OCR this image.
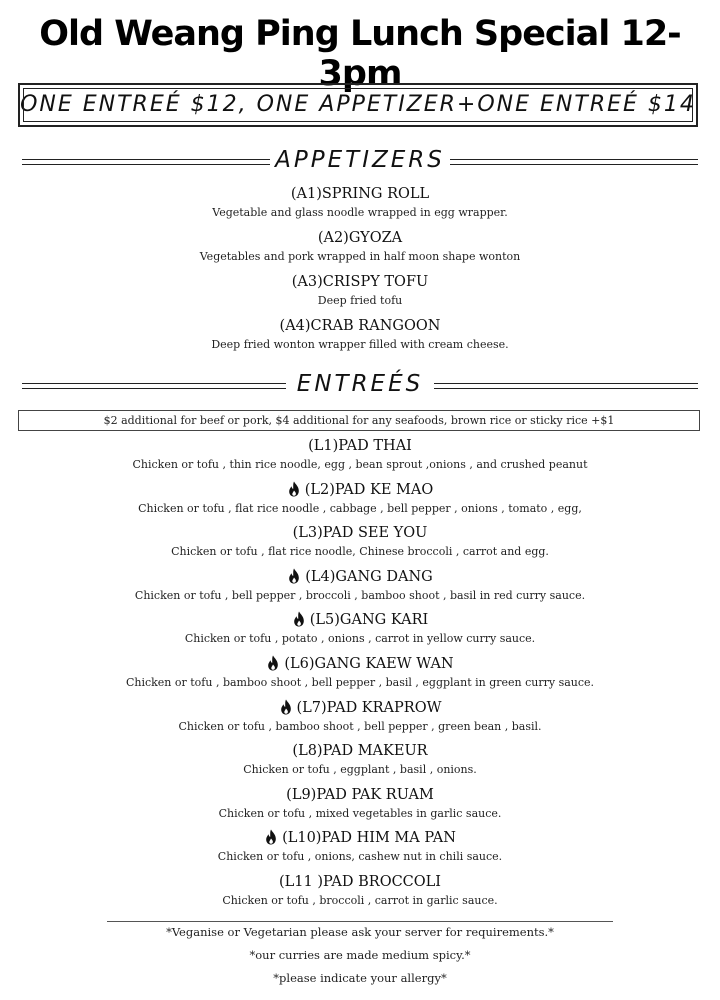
Old Weang Ping Lunch Special 12-3pm
ONE ENTREÉ $12, ONE APPETIZER+ONE ENTREÉ $14
APPETIZERS
(A1)SPRING ROLL
Vegetable and glass noodle wrapped in egg wrapper.
(A2)GYOZA
Vegetables and pork wrapped in half moon shape wonton
(A3)CRISPY TOFU
Deep fried tofu
(A4)CRAB RANGOON
Deep fried wonton wrapper filled with cream cheese.
ENTREÉS
$2 additional for beef or pork, $4 additional for any seafoods, brown rice or sticky rice +$1
(L1)PAD THAI
Chicken or tofu , thin rice noodle, egg , bean sprout ,onions , and crushed peanut
(L2)PAD KE MAO
Chicken or tofu , flat rice noodle , cabbage , bell pepper , onions , tomato , egg,
(L3)PAD SEE YOU
Chicken or tofu , flat rice noodle, Chinese broccoli , carrot and egg.
(L4)GANG DANG
Chicken or tofu , bell pepper , broccoli , bamboo shoot , basil in red curry sauce.
(L5)GANG KARI
Chicken or tofu , potato , onions , carrot in yellow curry sauce.
(L6)GANG KAEW WAN
Chicken or tofu , bamboo shoot , bell pepper , basil , eggplant in green curry sauce.
(L7)PAD KRAPROW
Chicken or tofu , bamboo shoot , bell pepper , green bean , basil.
(L8)PAD MAKEUR
Chicken or tofu , eggplant , basil , onions.
(L9)PAD PAK RUAM
Chicken or tofu , mixed vegetables in garlic sauce.
(L10)PAD HIM MA PAN
Chicken or tofu , onions, cashew nut in chili sauce.
(L11 )PAD BROCCOLI
Chicken or tofu , broccoli , carrot in garlic sauce.
*Veganise or Vegetarian please ask your server for requirements.*
*our curries are made medium spicy.*
*please indicate your allergy*
